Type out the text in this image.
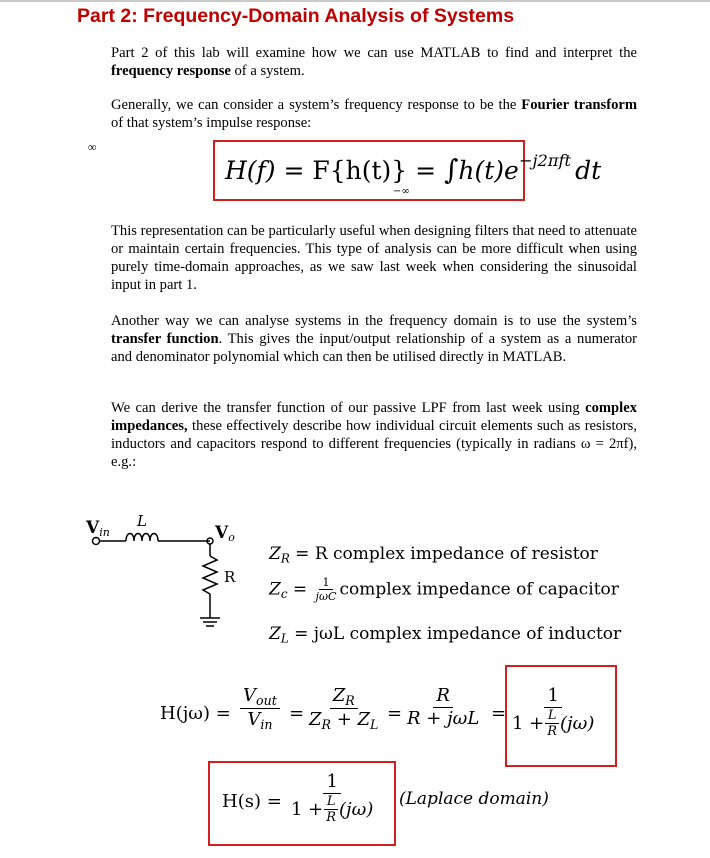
Part 2: Frequency-Domain Analysis of Systems
Part 2 of this lab will examine how we can use MATLAB to find and interpret the frequency response of a system.
Generally, we can consider a system’s frequency response to be the Fourier transform of that system’s impulse response:
∞
$H(f) = F\{h(t)\} = \int h(t)e^{-j2\pi ft}$ dt
−∞
This representation can be particularly useful when designing filters that need to attenuate or maintain certain frequencies. This type of analysis can be more difficult when using purely time-domain approaches, as we saw last week when considering the sinusoidal input in part 1.
Another way we can analyse systems in the frequency domain is to use the system’s transfer function. This gives the input/output relationship of a system as a numerator and denominator polynomial which can then be utilised directly in MATLAB.
We can derive the transfer function of our passive LPF from last week using complex impedances, these effectively describe how individual circuit elements such as resistors, inductors and capacitors respond to different frequencies (typically in radians ω = 2πf), e.g.:
Vin
L
Vo
R
$Z_R = R$ complex impedance of resistor
$Z_c = \frac{1}{\text{jωC}}$ complex impedance of capacitor
$Z_L = j\omega L$ complex impedance of inductor
$H(j\omega) = \frac{V_{out}}{V_{in}} = \frac{Z_R}{Z_R + Z_L} = \frac{R}{\text{R + jωL}} = \frac{1}{1 + \frac{L}{R} (j\omega)}$
$H(s) = \frac{1}{1 + \frac{L}{R} (j\omega)}$ (Laplace domain)
